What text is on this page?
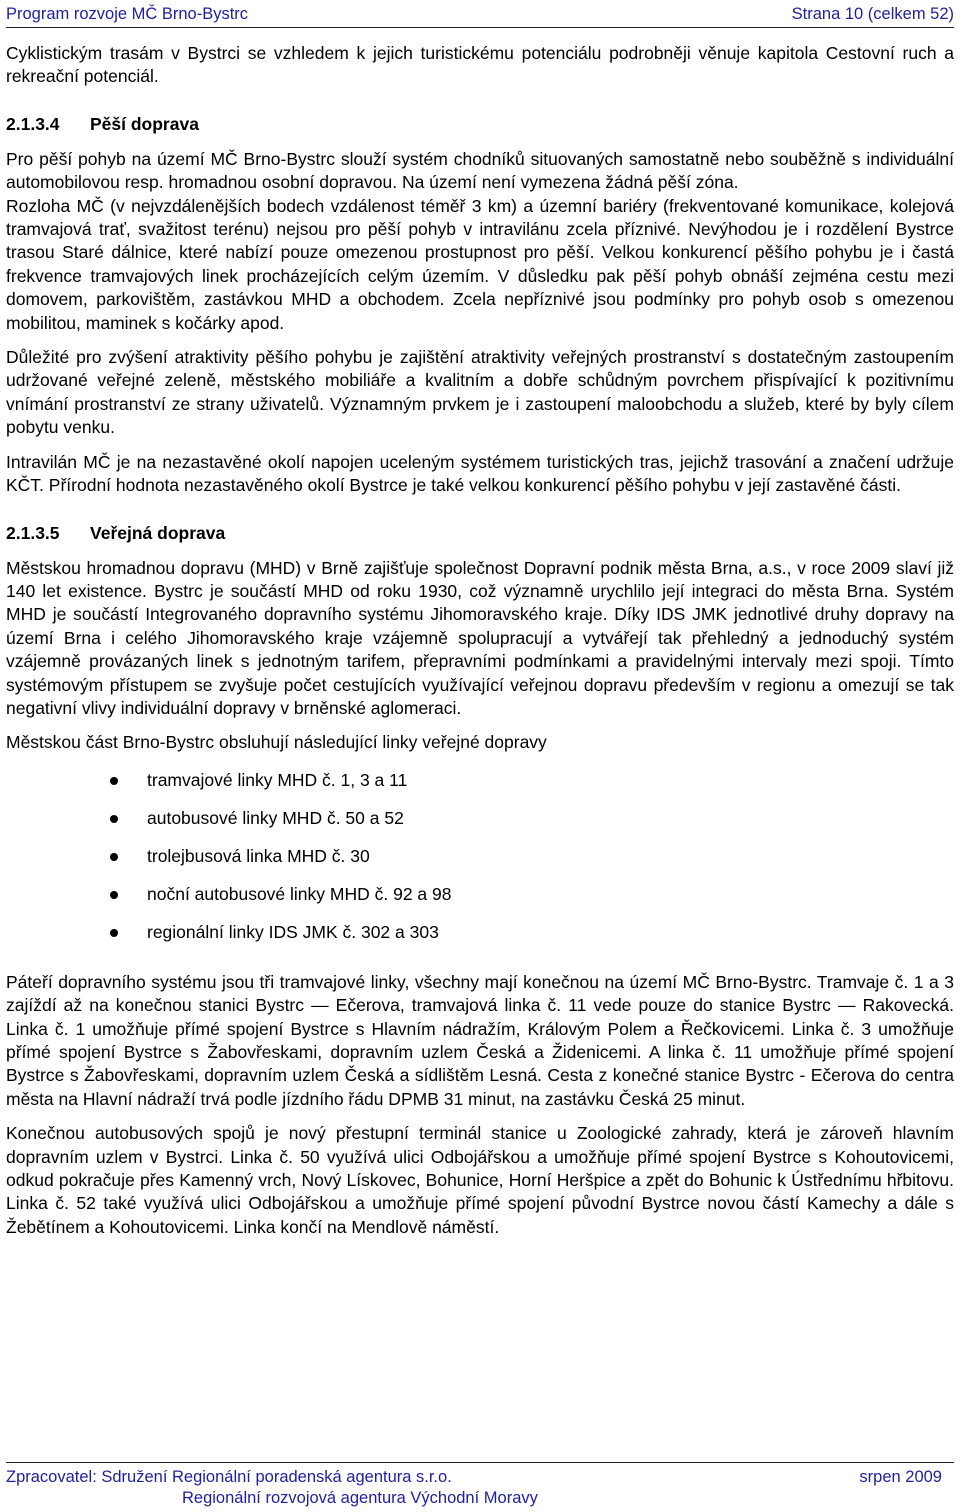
Program rozvoje MČ Brno-Bystrc	Strana 10 (celkem 52)

Cyklistickým trasám v Bystrci se vzhledem k jejich turistickému potenciálu podrobněji věnuje kapitola Cestovní ruch a rekreační potenciál.

2.1.3.4 Pěší doprava

Pro pěší pohyb na území MČ Brno-Bystrc slouží systém chodníků situovaných samostatně nebo souběžně s individuální automobilovou resp. hromadnou osobní dopravou. Na území není vymezena žádná pěší zóna.

Rozloha MČ (v nejvzdálenějších bodech vzdálenost téměř 3 km) a územní bariéry (frekventované komunikace, kolejová tramvajová trať, svažitost terénu) nejsou pro pěší pohyb v intravilánu zcela příznivé. Nevýhodou je i rozdělení Bystrce trasou Staré dálnice, které nabízí pouze omezenou prostupnost pro pěší. Velkou konkurencí pěšího pohybu je i častá frekvence tramvajových linek procházejících celým územím. V důsledku pak pěší pohyb obnáší zejména cestu mezi domovem, parkovištěm, zastávkou MHD a obchodem. Zcela nepříznivé jsou podmínky pro pohyb osob s omezenou mobilitou, maminek s kočárky apod.

Důležité pro zvýšení atraktivity pěšího pohybu je zajištění atraktivity veřejných prostranství s dostatečným zastoupením udržované veřejné zeleně, městského mobiliáře a kvalitním a dobře schůdným povrchem přispívající k pozitivnímu vnímání prostranství ze strany uživatelů. Významným prvkem je i zastoupení maloobchodu a služeb, které by byly cílem pobytu venku.

Intravilán MČ je na nezastavěné okolí napojen uceleným systémem turistických tras, jejichž trasování a značení udržuje KČT. Přírodní hodnota nezastavěného okolí Bystrce je také velkou konkurencí pěšího pohybu v její zastavěné části.

2.1.3.5 Veřejná doprava

Městskou hromadnou dopravu (MHD) v Brně zajišťuje společnost Dopravní podnik města Brna, a.s., v roce 2009 slaví již 140 let existence. Bystrc je součástí MHD od roku 1930, což významně urychlilo její integraci do města Brna. Systém MHD je součástí Integrovaného dopravního systému Jihomoravského kraje. Díky IDS JMK jednotlivé druhy dopravy na území Brna i celého Jihomoravského kraje vzájemně spolupracují a vytvářejí tak přehledný a jednoduchý systém vzájemně provázaných linek s jednotným tarifem, přepravními podmínkami a pravidelnými intervaly mezi spoji. Tímto systémovým přístupem se zvyšuje počet cestujících využívající veřejnou dopravu především v regionu a omezují se tak negativní vlivy individuální dopravy v brněnské aglomeraci.

Městskou část Brno-Bystrc obsluhují následující linky veřejné dopravy

tramvajové linky MHD č. 1, 3 a 11
autobusové linky MHD č. 50 a 52
trolejbusová linka MHD č. 30
noční autobusové linky MHD č. 92 a 98
regionální linky IDS JMK č. 302 a 303

Páteří dopravního systému jsou tři tramvajové linky, všechny mají konečnou na území MČ Brno-Bystrc. Tramvaje č. 1 a 3 zajíždí až na konečnou stanici Bystrc — Ečerova, tramvajová linka č. 11 vede pouze do stanice Bystrc — Rakovecká. Linka č. 1 umožňuje přímé spojení Bystrce s Hlavním nádražím, Královým Polem a Řečkovicemi. Linka č. 3 umožňuje přímé spojení Bystrce s Žabovřeskami, dopravním uzlem Česká a Židenicemi. A linka č. 11 umožňuje přímé spojení Bystrce s Žabovřeskami, dopravním uzlem Česká a sídlištěm Lesná. Cesta z konečné stanice Bystrc - Ečerova do centra města na Hlavní nádraží trvá podle jízdního řádu DPMB 31 minut, na zastávku Česká 25 minut.

Konečnou autobusových spojů je nový přestupní terminál stanice u Zoologické zahrady, která je zároveň hlavním dopravním uzlem v Bystrci. Linka č. 50 využívá ulici Odbojářskou a umožňuje přímé spojení Bystrce s Kohoutovicemi, odkud pokračuje přes Kamenný vrch, Nový Lískovec, Bohunice, Horní Heršpice a zpět do Bohunic k Ústřednímu hřbitovu. Linka č. 52 také využívá ulici Odbojářskou a umožňuje přímé spojení původní Bystrce novou částí Kamechy a dále s Žebětínem a Kohoutovicemi. Linka končí na Mendlově náměstí.

Zpracovatel: Sdružení Regionální poradenská agentura s.r.o.	srpen 2009
Regionální rozvojová agentura Východní Moravy
